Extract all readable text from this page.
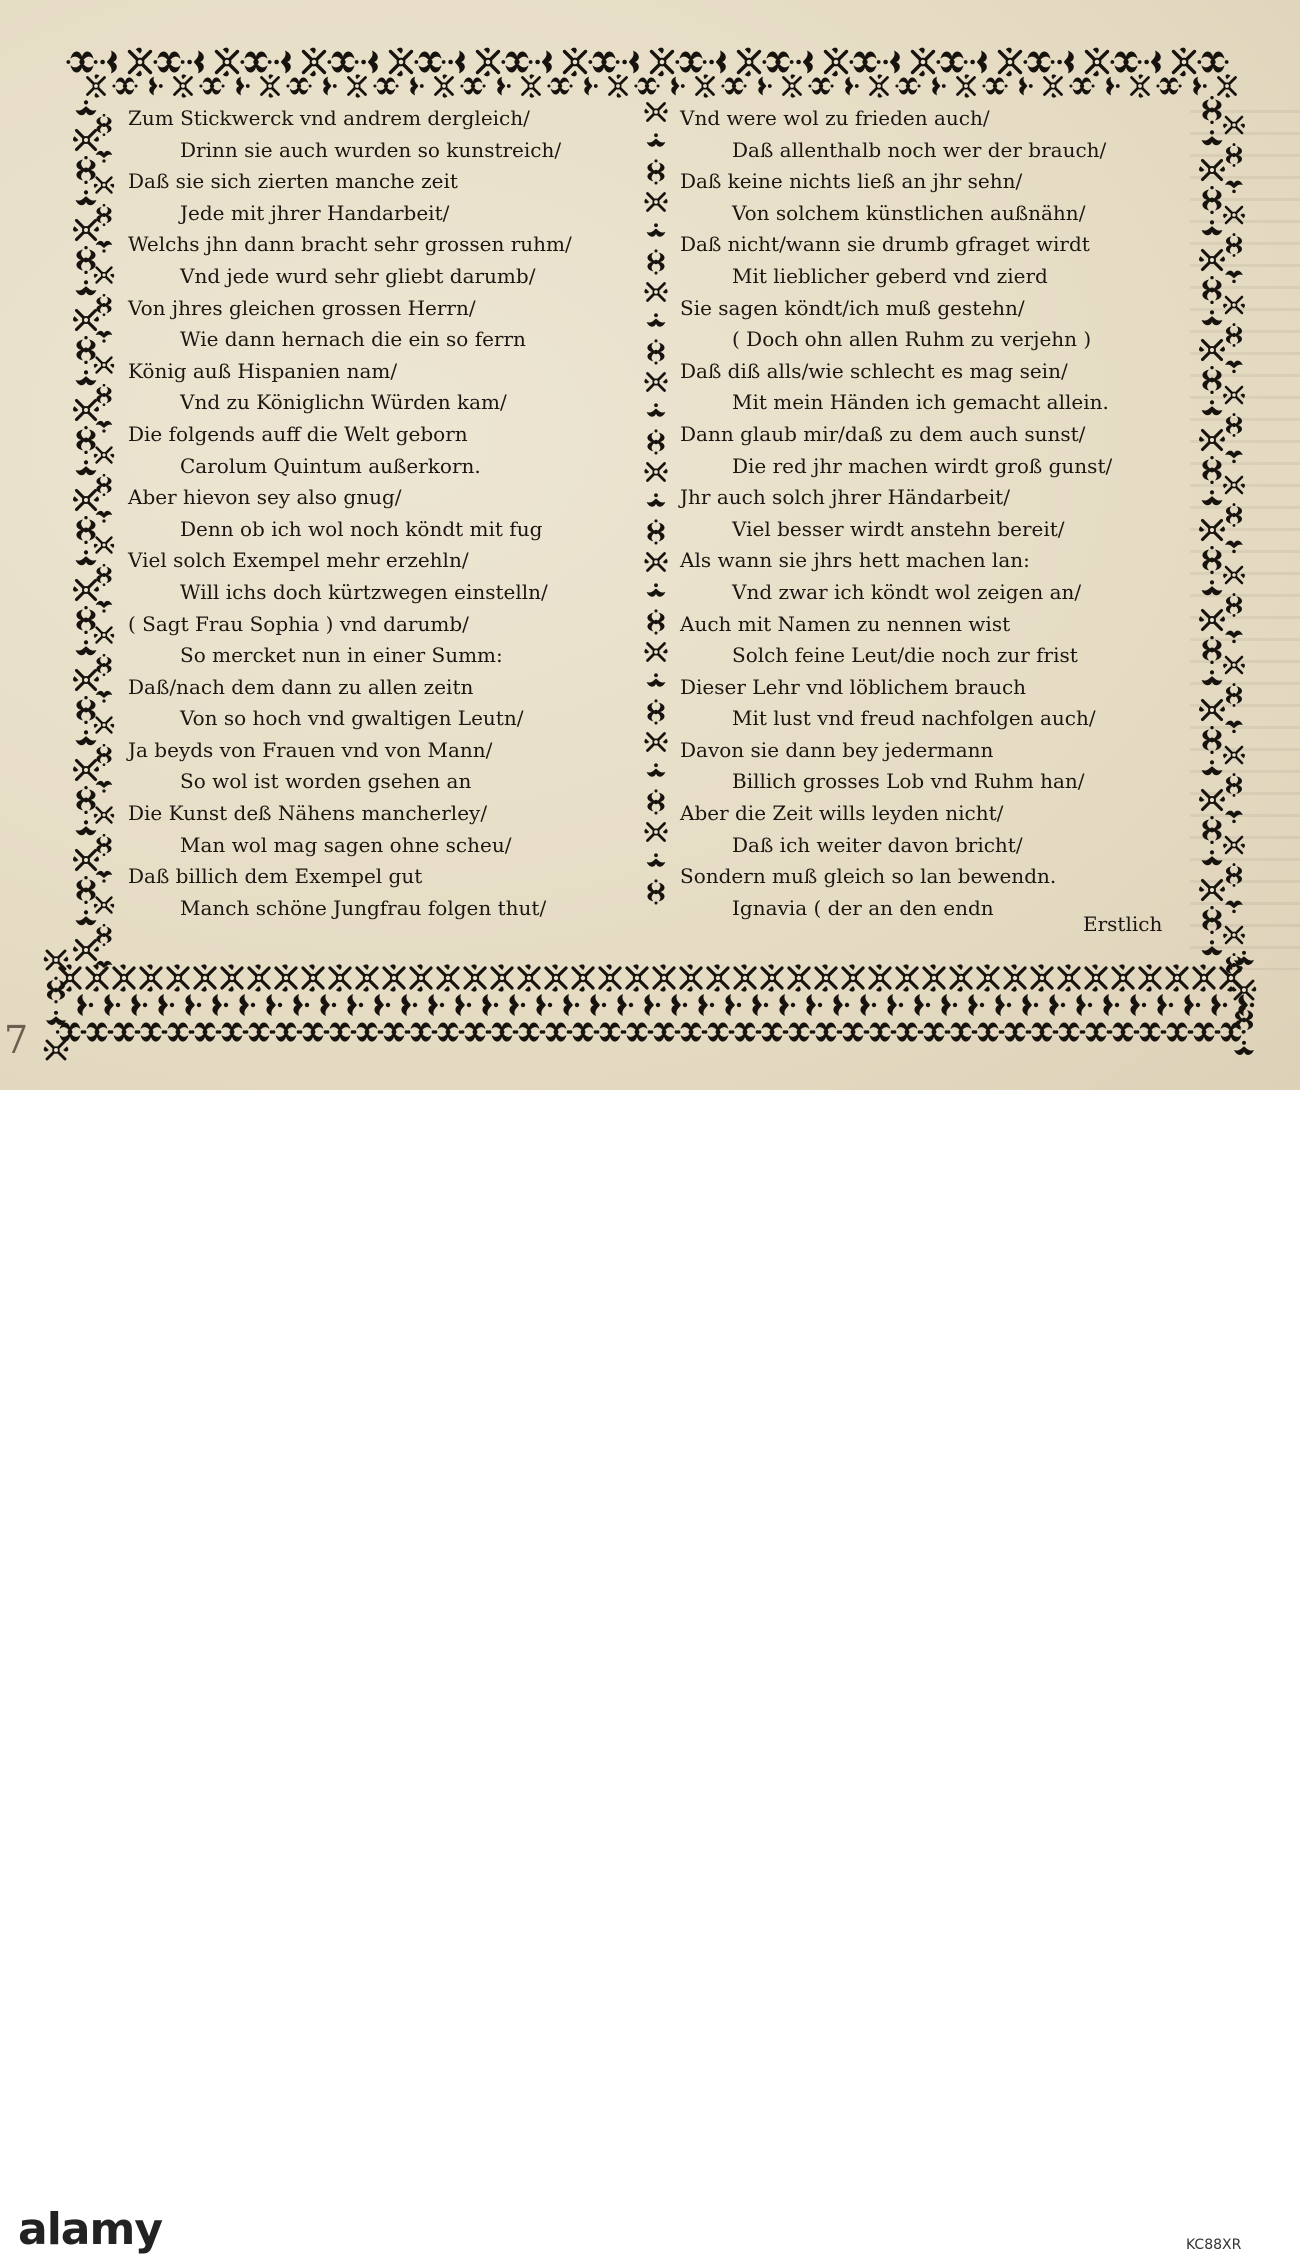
Zum Stickwerck vnd andrem dergleich/
Drinn sie auch wurden so kunstreich/
Daß sie sich zierten manche zeit
Jede mit jhrer Handarbeit/
Welchs jhn dann bracht sehr grossen ruhm/
Vnd jede wurd sehr gliebt darumb/
Von jhres gleichen grossen Herrn/
Wie dann hernach die ein so ferrn
König auß Hispanien nam/
Vnd zu Königlichn Würden kam/
Die folgends auff die Welt geborn
Carolum Quintum außerkorn.
Aber hievon sey also gnug/
Denn ob ich wol noch köndt mit fug
Viel solch Exempel mehr erzehln/
Will ichs doch kürtzwegen einstelln/
( Sagt Frau Sophia ) vnd darumb/
So mercket nun in einer Summ:
Daß/nach dem dann zu allen zeitn
Von so hoch vnd gwaltigen Leutn/
Ja beyds von Frauen vnd von Mann/
So wol ist worden gsehen an
Die Kunst deß Nähens mancherley/
Man wol mag sagen ohne scheu/
Daß billich dem Exempel gut
Manch schöne Jungfrau folgen thut/
Vnd were wol zu frieden auch/
Daß allenthalb noch wer der brauch/
Daß keine nichts ließ an jhr sehn/
Von solchem künstlichen außnähn/
Daß nicht/wann sie drumb gfraget wirdt
Mit lieblicher geberd vnd zierd
Sie sagen köndt/ich muß gestehn/
( Doch ohn allen Ruhm zu verjehn )
Daß diß alls/wie schlecht es mag sein/
Mit mein Händen ich gemacht allein.
Dann glaub mir/daß zu dem auch sunst/
Die red jhr machen wirdt groß gunst/
Jhr auch solch jhrer Händarbeit/
Viel besser wirdt anstehn bereit/
Als wann sie jhrs hett machen lan:
Vnd zwar ich köndt wol zeigen an/
Auch mit Namen zu nennen wist
Solch feine Leut/die noch zur frist
Dieser Lehr vnd löblichem brauch
Mit lust vnd freud nachfolgen auch/
Davon sie dann bey jedermann
Billich grosses Lob vnd Ruhm han/
Aber die Zeit wills leyden nicht/
Daß ich weiter davon bricht/
Sondern muß gleich so lan bewendn.
Ignavia ( der an den endn
Erstlich
7
alamy	KC88XR
